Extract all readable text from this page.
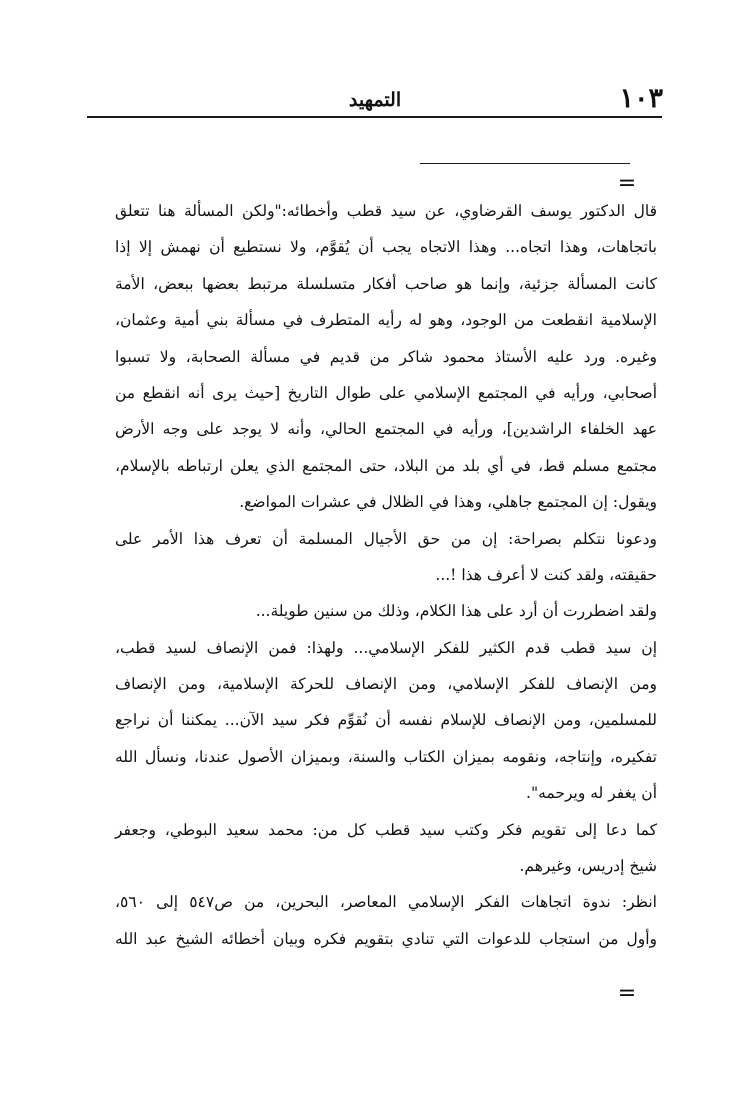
١٠٣
التمهيد
=
قال الدكتور يوسف القرضاوي، عن سيد قطب وأخطائه:"ولكن المسألة هنا تتعلق
باتجاهات، وهذا اتجاه... وهذا الاتجاه يجب أن يُقوَّم، ولا نستطيع أن نهمش إلا إذا
كانت المسألة جزئية، وإنما هو صاحب أفكار متسلسلة مرتبط بعضها ببعض، الأمة
الإسلامية انقطعت من الوجود، وهو له رأيه المتطرف في مسألة بني أمية وعثمان،
وغيره. ورد عليه الأستاذ محمود شاكر من قديم في مسألة الصحابة، ولا تسبوا
أصحابي، ورأيه في المجتمع الإسلامي على طوال التاريخ [حيث يرى أنه انقطع من
عهد الخلفاء الراشدين]، ورأيه في المجتمع الحالي، وأنه لا يوجد على وجه الأرض
مجتمع مسلم قط، في أي بلد من البلاد، حتى المجتمع الذي يعلن ارتباطه بالإسلام،
ويقول: إن المجتمع جاهلي، وهذا في الظلال في عشرات المواضع.
ودعونا نتكلم بصراحة: إن من حق الأجيال المسلمة أن تعرف هذا الأمر على
حقيقته، ولقد كنت لا أعرف هذا !...
ولقد اضطررت أن أرد على هذا الكلام، وذلك من سنين طويلة...
إن سيد قطب قدم الكثير للفكر الإسلامي... ولهذا: فمن الإنصاف لسيد قطب،
ومن الإنصاف للفكر الإسلامي، ومن الإنصاف للحركة الإسلامية، ومن الإنصاف
للمسلمين، ومن الإنصاف للإسلام نفسه أن نُقوِّم فكر سيد الآن... يمكننا أن نراجع
تفكيره، وإنتاجه، ونقومه بميزان الكتاب والسنة، وبميزان الأصول عندنا، ونسأل الله
أن يغفر له ويرحمه".
كما دعا إلى تقويم فكر وكتب سيد قطب كل من: محمد سعيد البوطي، وجعفر
شيخ إدريس، وغيرهم.
انظر: ندوة اتجاهات الفكر الإسلامي المعاصر، البحرين، من ص٥٤٧ إلى ٥٦٠،
وأول من استجاب للدعوات التي تنادي بتقويم فكره وبيان أخطائه الشيخ عبد الله
=
